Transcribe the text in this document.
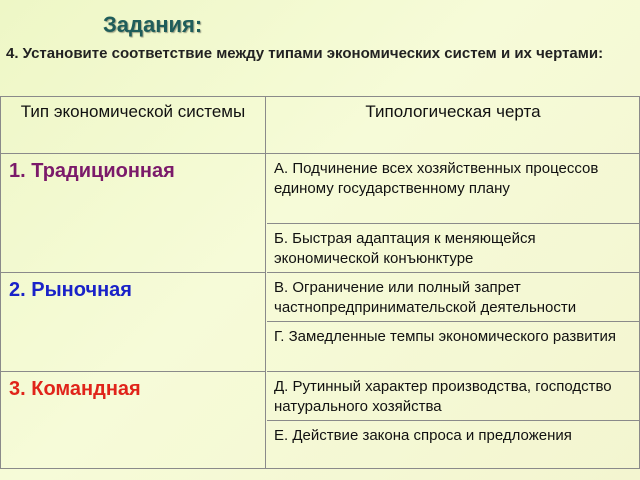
Задания:
4. Установите соответствие между типами экономических систем и их чертами:
Тип экономической системы	Типологическая черта
1. Традиционная
2. Рыночная
3. Командная
А. Подчинение всех хозяйственных процессов единому государственному плану
Б. Быстрая адаптация к меняющейся экономической конъюнктуре
В. Ограничение или полный запрет частнопредпринимательской деятельности
Г. Замедленные темпы экономического развития
Д. Рутинный характер производства, господство натурального хозяйства
Е. Действие закона спроса и предложения
